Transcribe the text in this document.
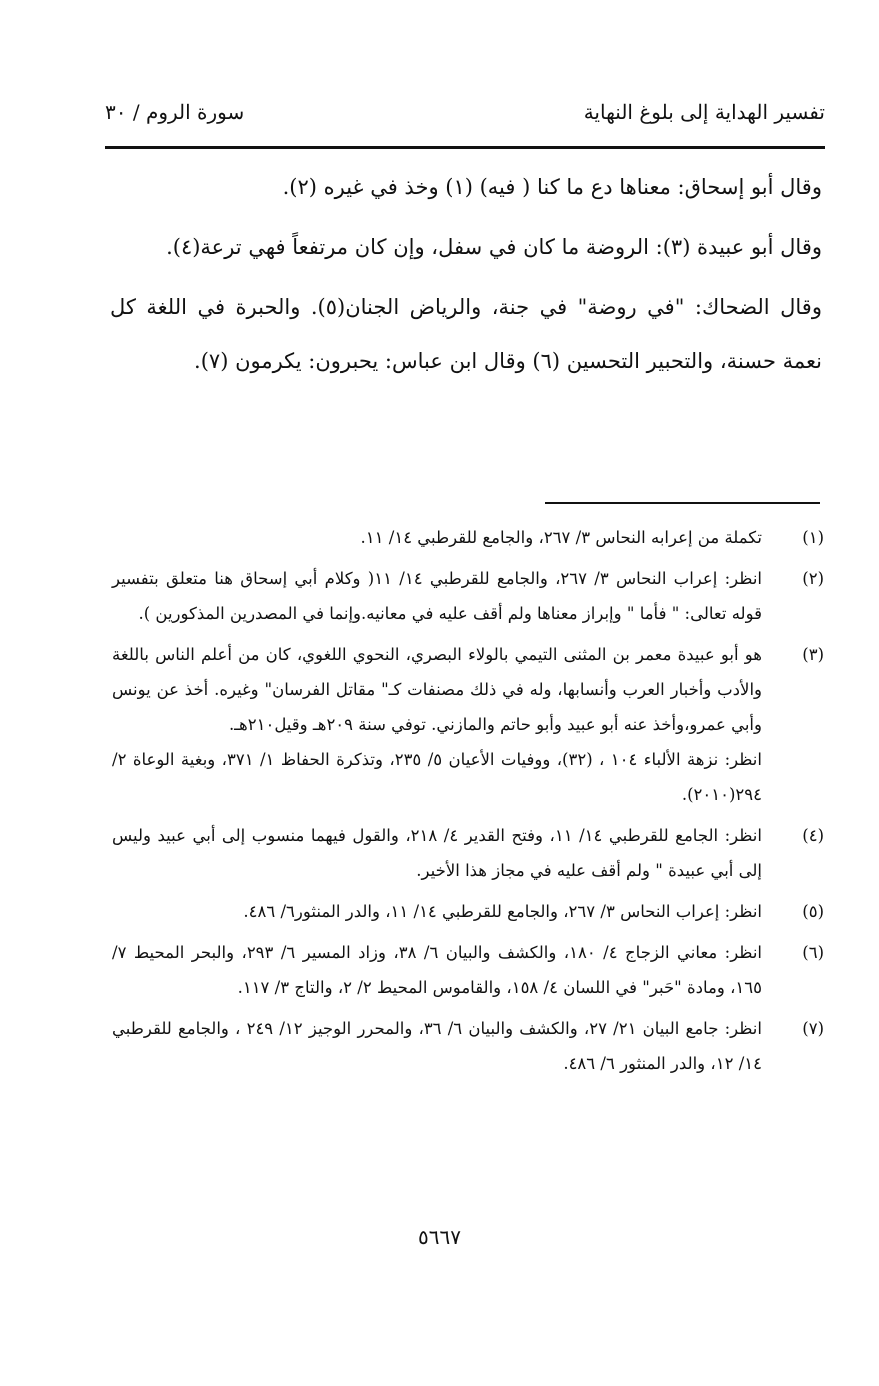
تفسير الهداية إلى بلوغ النهاية
سورة الروم / ٣٠

وقال أبو إسحاق: معناها دع ما كنا ( فيه) (١) وخذ في غيره (٢).

وقال أبو عبيدة (٣): الروضة ما كان في سفل، وإن كان مرتفعاً فهي ترعة(٤).

وقال الضحاك: "في روضة" في جنة، والرياض الجنان(٥). والحبرة في اللغة كل نعمة حسنة، والتحبير التحسين (٦) وقال ابن عباس: يحبرون: يكرمون (٧).

(١)

تكملة من إعرابه النحاس ٣/ ٢٦٧، والجامع للقرطبي ١٤/ ١١.

(٢)

انظر: إعراب النحاس ٣/ ٢٦٧، والجامع للقرطبي ١٤/ ١١( وكلام أبي إسحاق هنا متعلق بتفسير قوله تعالى: " فأما " وإبراز معناها ولم أقف عليه في معانيه.وإنما في المصدرين المذكورين ).

(٣)

هو أبو عبيدة معمر بن المثنى التيمي بالولاء البصري، النحوي اللغوي، كان من أعلم الناس باللغة والأدب وأخبار العرب وأنسابها، وله في ذلك مصنفات كـ" مقاتل الفرسان" وغيره. أخذ عن يونس وأبي عمرو،وأخذ عنه أبو عبيد وأبو حاتم والمازني. توفي سنة ٢٠٩هـ وقيل٢١٠هـ.

انظر: نزهة الألباء ١٠٤ ، (٣٢)، ووفيات الأعيان ٥/ ٢٣٥، وتذكرة الحفاظ ١/ ٣٧١، وبغية الوعاة ٢/ ٢٩٤(٢٠١٠).

(٤)

انظر: الجامع للقرطبي ١٤/ ١١، وفتح القدير ٤/ ٢١٨، والقول فيهما منسوب إلى أبي عبيد وليس إلى أبي عبيدة " ولم أقف عليه في مجاز هذا الأخير.

(٥)

انظر: إعراب النحاس ٣/ ٢٦٧، والجامع للقرطبي ١٤/ ١١، والدر المنثور٦/ ٤٨٦.

(٦)

انظر: معاني الزجاج ٤/ ١٨٠، والكشف والبيان ٦/ ٣٨، وزاد المسير ٦/ ٢٩٣، والبحر المحيط ٧/ ١٦٥، ومادة "حَبر" في اللسان ٤/ ١٥٨، والقاموس المحيط ٢/ ٢، والتاج ٣/ ١١٧.

(٧)

انظر: جامع البيان ٢١/ ٢٧، والكشف والبيان ٦/ ٣٦، والمحرر الوجيز ١٢/ ٢٤٩ ، والجامع للقرطبي ١٤/ ١٢، والدر المنثور ٦/ ٤٨٦.

٥٦٦٧
